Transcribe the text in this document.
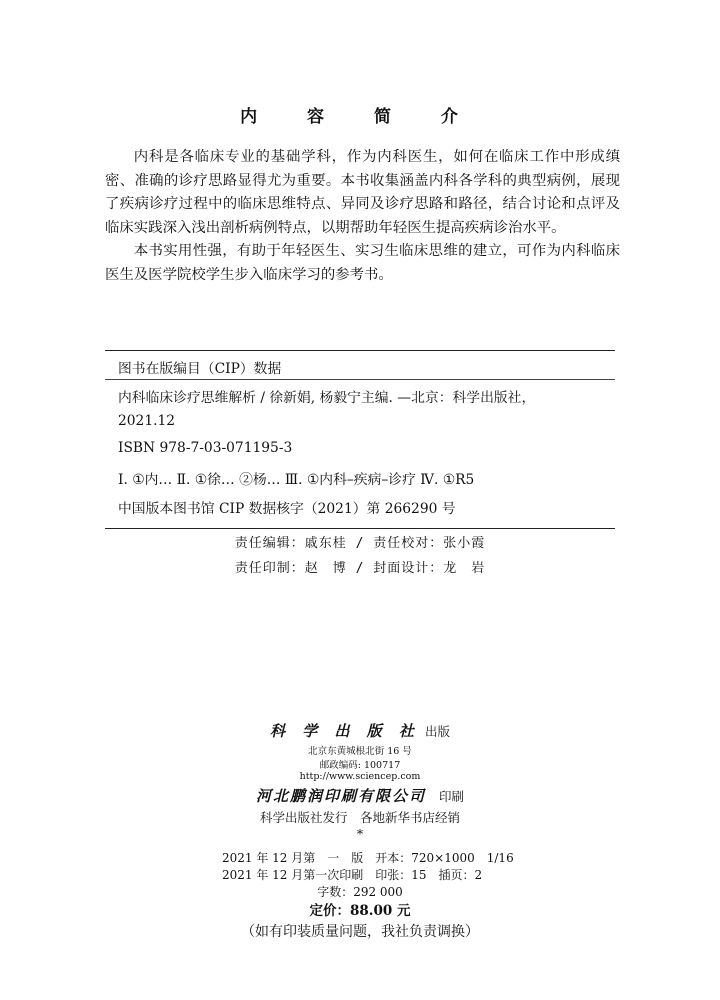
内 容 简 介

内科是各临床专业的基础学科，作为内科医生，如何在临床工作中形成缜密、准确的诊疗思路显得尤为重要。本书收集涵盖内科各学科的典型病例，展现了疾病诊疗过程中的临床思维特点、异同及诊疗思路和路径，结合讨论和点评及临床实践深入浅出剖析病例特点，以期帮助年轻医生提高疾病诊治水平。

本书实用性强，有助于年轻医生、实习生临床思维的建立，可作为内科临床医生及医学院校学生步入临床学习的参考书。

图书在版编目（CIP）数据
内科临床诊疗思维解析 / 徐新娟, 杨毅宁主编. —北京：科学出版社，
2021.12
ISBN 978-7-03-071195-3
Ⅰ. ①内… Ⅱ. ①徐… ②杨… Ⅲ. ①内科–疾病–诊疗 Ⅳ. ①R5
中国版本图书馆 CIP 数据核字（2021）第 266290 号
责任编辑：戚东桂 / 责任校对：张小霞
责任印制：赵　博 / 封面设计：龙　岩
科 学 出 版 社 出版
北京东黄城根北街 16 号
邮政编码: 100717
http://www.sciencep.com
河北鹏润印刷有限公司 印刷
科学出版社发行　各地新华书店经销
*
2021 年 12 月第　一　版　开本：720×1000　1/16
2021 年 12 月第一次印刷　印张：15　插页：2
字数：292 000
定价：88.00 元
（如有印装质量问题，我社负责调换）
